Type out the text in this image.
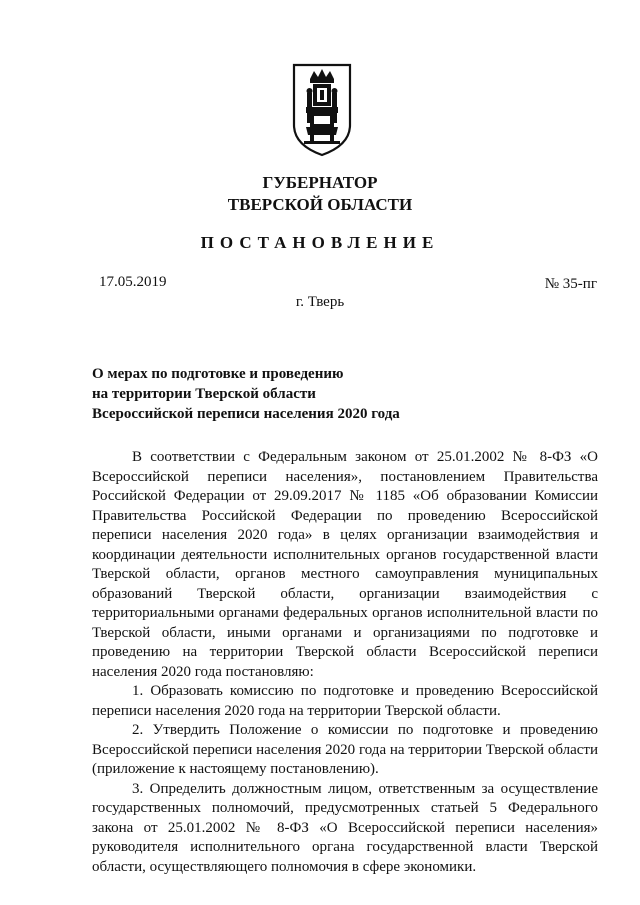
ГУБЕРНАТОР
ТВЕРСКОЙ ОБЛАСТИ
ПОСТАНОВЛЕНИЕ
17.05.2019	№ 35-пг
г. Тверь
О мерах по подготовке и проведению
на территории Тверской области
Всероссийской переписи населения 2020 года

В соответствии с Федеральным законом от 25.01.2002 № 8-ФЗ «О Всероссийской переписи населения», постановлением Правительства Российской Федерации от 29.09.2017 № 1185 «Об образовании Комиссии Правительства Российской Федерации по проведению Всероссийской переписи населения 2020 года» в целях организации взаимодействия и координации деятельности исполнительных органов государственной власти Тверской области, органов местного самоуправления муниципальных образований Тверской области, организации взаимодействия с территориальными органами федеральных органов исполнительной власти по Тверской области, иными органами и организациями по подготовке и проведению на территории Тверской области Всероссийской переписи населения 2020 года постановляю:

1. Образовать комиссию по подготовке и проведению Всероссийской переписи населения 2020 года на территории Тверской области.

2. Утвердить Положение о комиссии по подготовке и проведению Всероссийской переписи населения 2020 года на территории Тверской области (приложение к настоящему постановлению).

3. Определить должностным лицом, ответственным за осуществление государственных полномочий, предусмотренных статьей 5 Федерального закона от 25.01.2002 № 8-ФЗ «О Всероссийской переписи населения» руководителя исполнительного органа государственной власти Тверской области, осуществляющего полномочия в сфере экономики.
